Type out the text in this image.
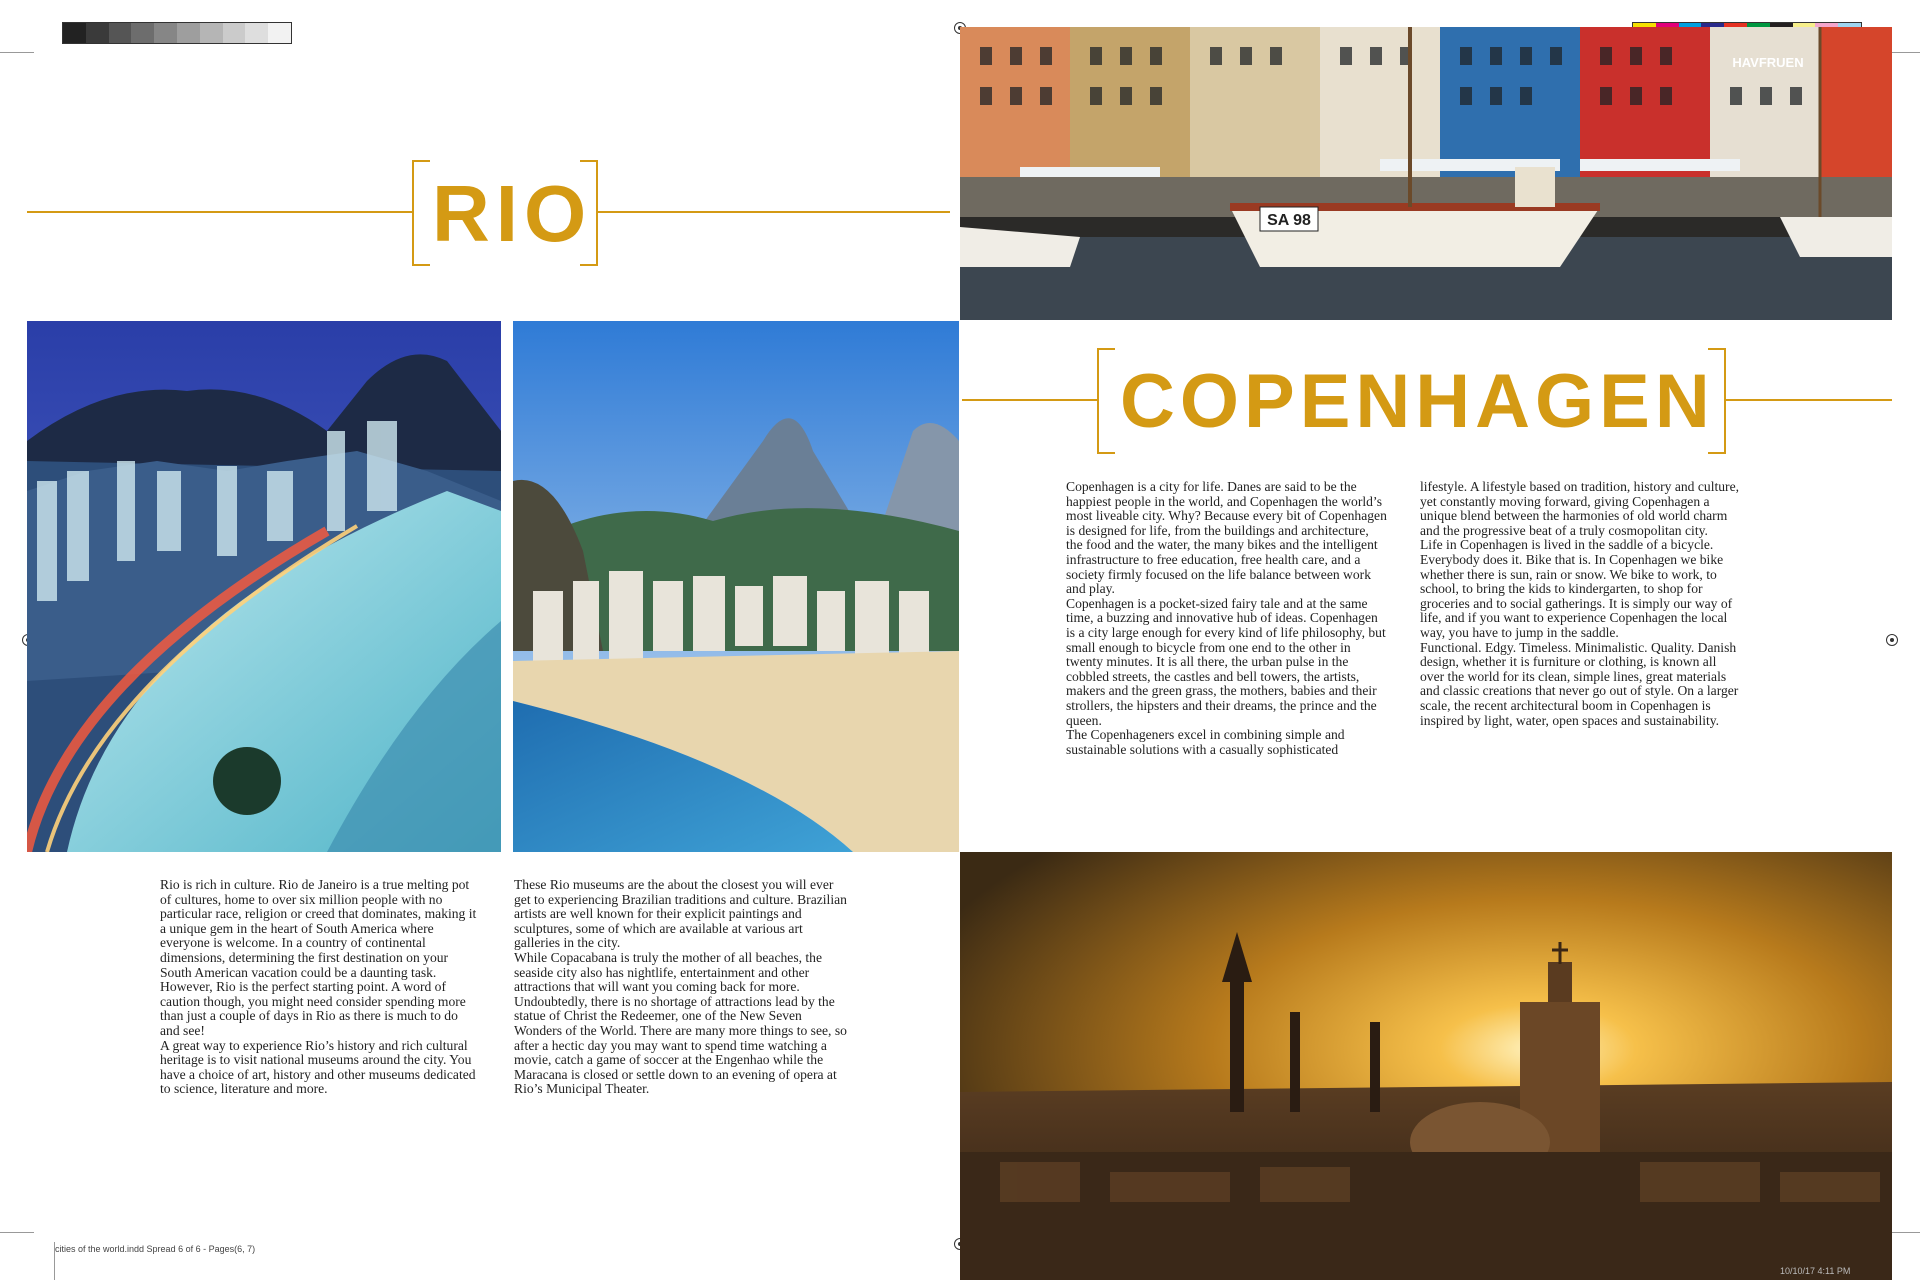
RIO

Rio is rich in culture. Rio de Janeiro is a true melting pot of cultures, home to over six million people with no particular race, religion or creed that dominates, making it a unique gem in the heart of South America where everyone is welcome. In a country of continental dimensions, determining the first destination on your South American vacation could be a daunting task. However, Rio is the perfect starting point. A word of caution though, you might need consider spending more than just a couple of days in Rio as there is much to do and see!

A great way to experience Rio’s history and rich cultural heritage is to visit national museums around the city. You have a choice of art, history and other museums dedicated to science, literature and more.

These Rio museums are the about the closest you will ever get to experiencing Brazilian traditions and culture. Brazilian artists are well known for their explicit paintings and sculptures, some of which are available at various art galleries in the city.

While Copacabana is truly the mother of all beaches, the seaside city also has nightlife, entertainment and other attractions that will want you coming back for more. Undoubtedly, there is no shortage of attractions lead by the statue of Christ the Redeemer, one of the New Seven Wonders of the World. There are many more things to see, so after a hectic day you may want to spend time watching a movie, catch a game of soccer at the Engenhao while the Maracana is closed or settle down to an evening of opera at Rio’s Municipal Theater.

SA 98
HAVFRUEN
COPENHAGEN

Copenhagen is a city for life. Danes are said to be the happiest people in the world, and Copenhagen the world’s most liveable city. Why? Because every bit of Copenhagen is designed for life, from the buildings and architecture, the food and the water, the many bikes and the intelligent infrastructure to free education, free health care, and a society firmly focused on the life balance between work and play.

Copenhagen is a pocket-sized fairy tale and at the same time, a buzzing and innovative hub of ideas. Copenhagen is a city large enough for every kind of life philosophy, but small enough to bicycle from one end to the other in twenty minutes. It is all there, the urban pulse in the cobbled streets, the castles and bell towers, the artists, makers and the green grass, the mothers, babies and their strollers, the hipsters and their dreams, the prince and the queen.

The Copenhageners excel in combining simple and sustainable solutions with a casually sophisticated

lifestyle. A lifestyle based on tradition, history and culture, yet constantly moving forward, giving Copenhagen a unique blend between the harmonies of old world charm and the progressive beat of a truly cosmopolitan city.

Life in Copenhagen is lived in the saddle of a bicycle. Everybody does it. Bike that is. In Copenhagen we bike whether there is sun, rain or snow. We bike to work, to school, to bring the kids to kindergarten, to shop for groceries and to social gatherings. It is simply our way of life, and if you want to experience Copenhagen the local way, you have to jump in the saddle.

Functional. Edgy. Timeless. Minimalistic. Quality. Danish design, whether it is furniture or clothing, is known all over the world for its clean, simple lines, great materials and classic creations that never go out of style. On a larger scale, the recent architectural boom in Copenhagen is inspired by light, water, open spaces and sustainability.

cities of the world.indd Spread 6 of 6 - Pages(6, 7)
10/10/17 4:11 PM
